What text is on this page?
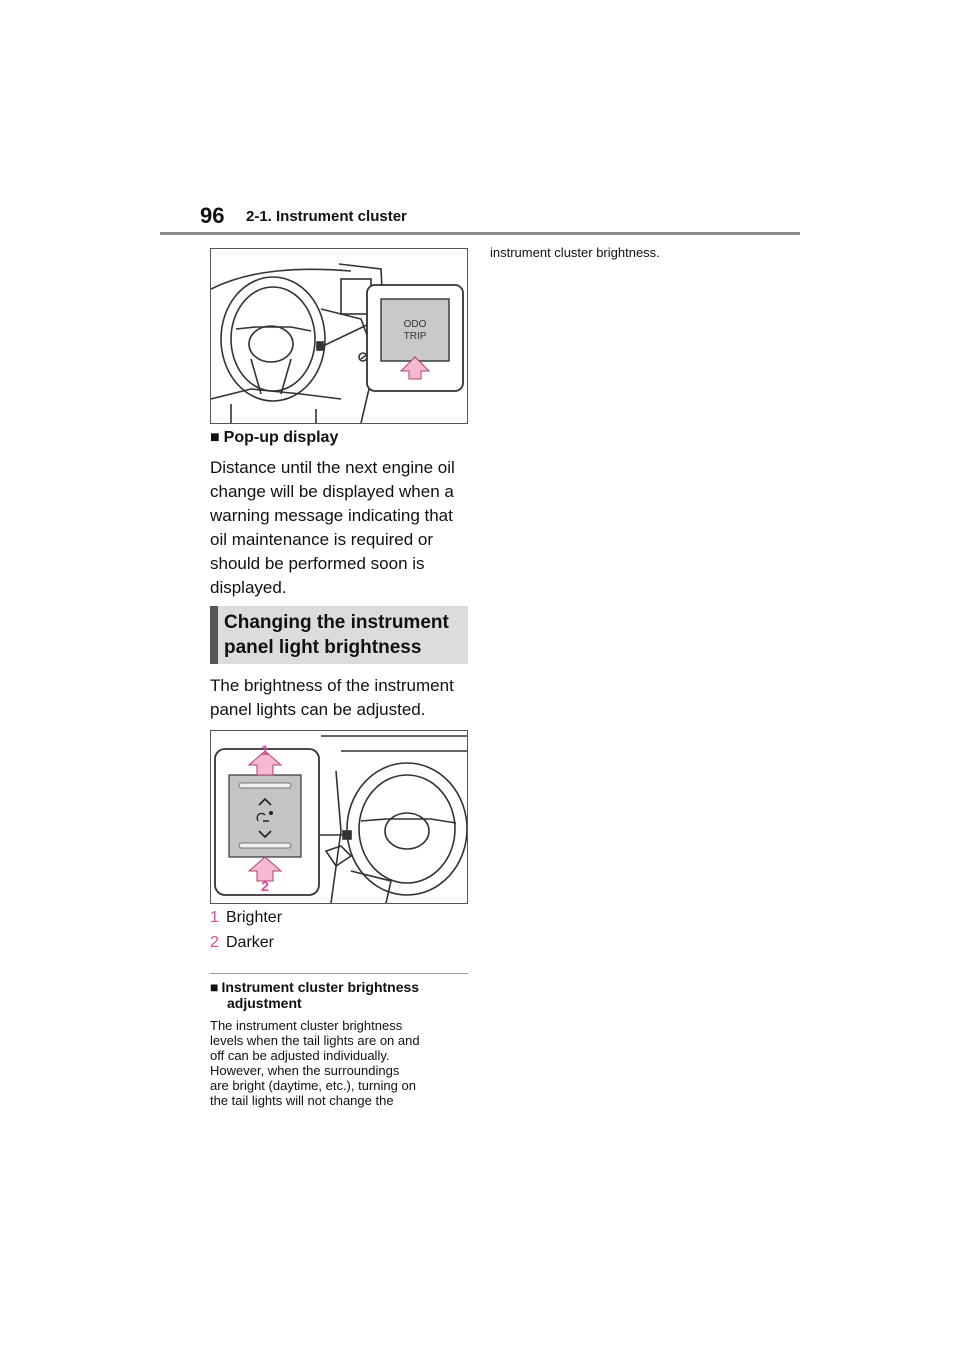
96 2-1. Instrument cluster
ODO
TRIP
■ Pop-up display
Distance until the next engine oil
change will be displayed when a
warning message indicating that
oil maintenance is required or
should be performed soon is
displayed.
Changing the instrument
panel light brightness
The brightness of the instrument
panel lights can be adjusted.
1
2
1 Brighter
2 Darker
■ Instrument cluster brightness
adjustment
The instrument cluster brightness
levels when the tail lights are on and
off can be adjusted individually.
However, when the surroundings
are bright (daytime, etc.), turning on
the tail lights will not change the
instrument cluster brightness.
